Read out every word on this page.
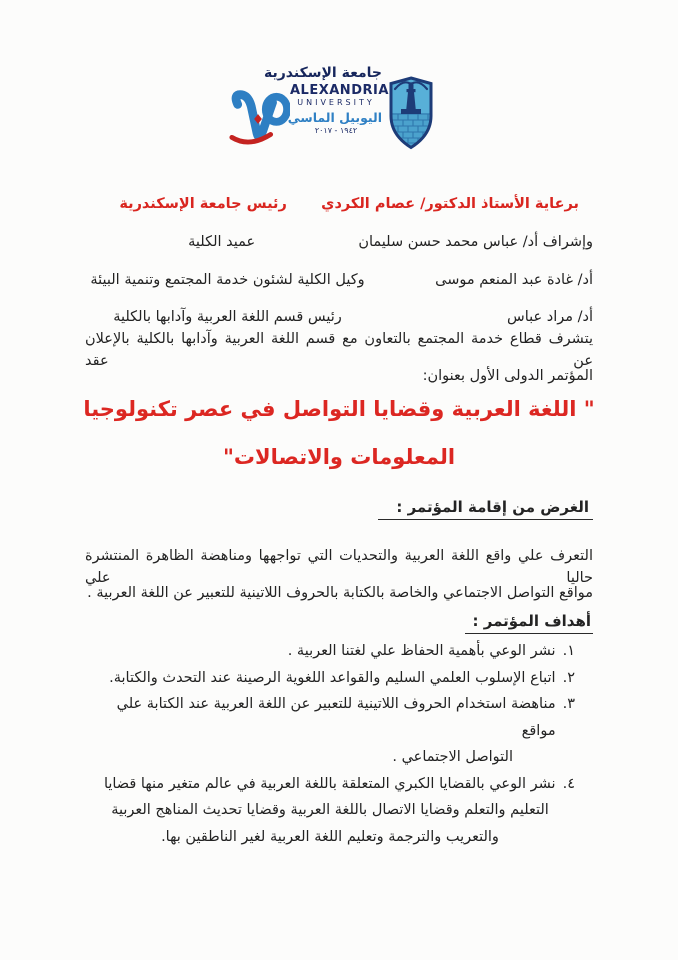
جامعة الإسكندرية
ALEXANDRIA
UNIVERSITY
اليوبيل الماسي
١٩٤٢ - ٢٠١٧
برعاية الأستاذ الدكتور/ عصام الكردي
رئيس جامعة الإسكندرية
وإشراف أد/ عباس محمد حسن سليمان
عميد الكلية
أد/ غادة عبد المنعم موسى
وكيل الكلية لشئون خدمة المجتمع وتنمية البيئة
أد/ مراد عباس
رئيس قسم اللغة العربية وآدابها بالكلية
يتشرف قطاع خدمة المجتمع بالتعاون مع قسم اللغة العربية وآدابها بالكلية بالإعلان عن عقد
المؤتمر الدولى الأول بعنوان:
" اللغة العربية وقضايا التواصل في عصر تكنولوجيا
المعلومات والاتصالات"
الغرض من إقامة المؤتمر :
التعرف علي واقع اللغة العربية والتحديات التي تواجهها ومناهضة الظاهرة المنتشرة حاليا علي
مواقع التواصل الاجتماعي والخاصة بالكتابة بالحروف اللاتينية للتعبير عن اللغة العربية .
أهداف المؤتمر :
١.
نشر الوعي بأهمية الحفاظ علي لغتنا العربية .
٢.
اتباع الإسلوب العلمي السليم والقواعد اللغوية الرصينة عند التحدث والكتابة.
٣.
مناهضة استخدام الحروف اللاتينية للتعبير عن اللغة العربية عند الكتابة علي مواقع
التواصل الاجتماعي .
٤.
نشر الوعي بالقضايا الكبري المتعلقة باللغة العربية في عالم متغير منها قضايا
التعليم والتعلم وقضايا الاتصال باللغة العربية وقضايا تحديث المناهج العربية
والتعريب والترجمة وتعليم اللغة العربية لغير الناطقين بها.
